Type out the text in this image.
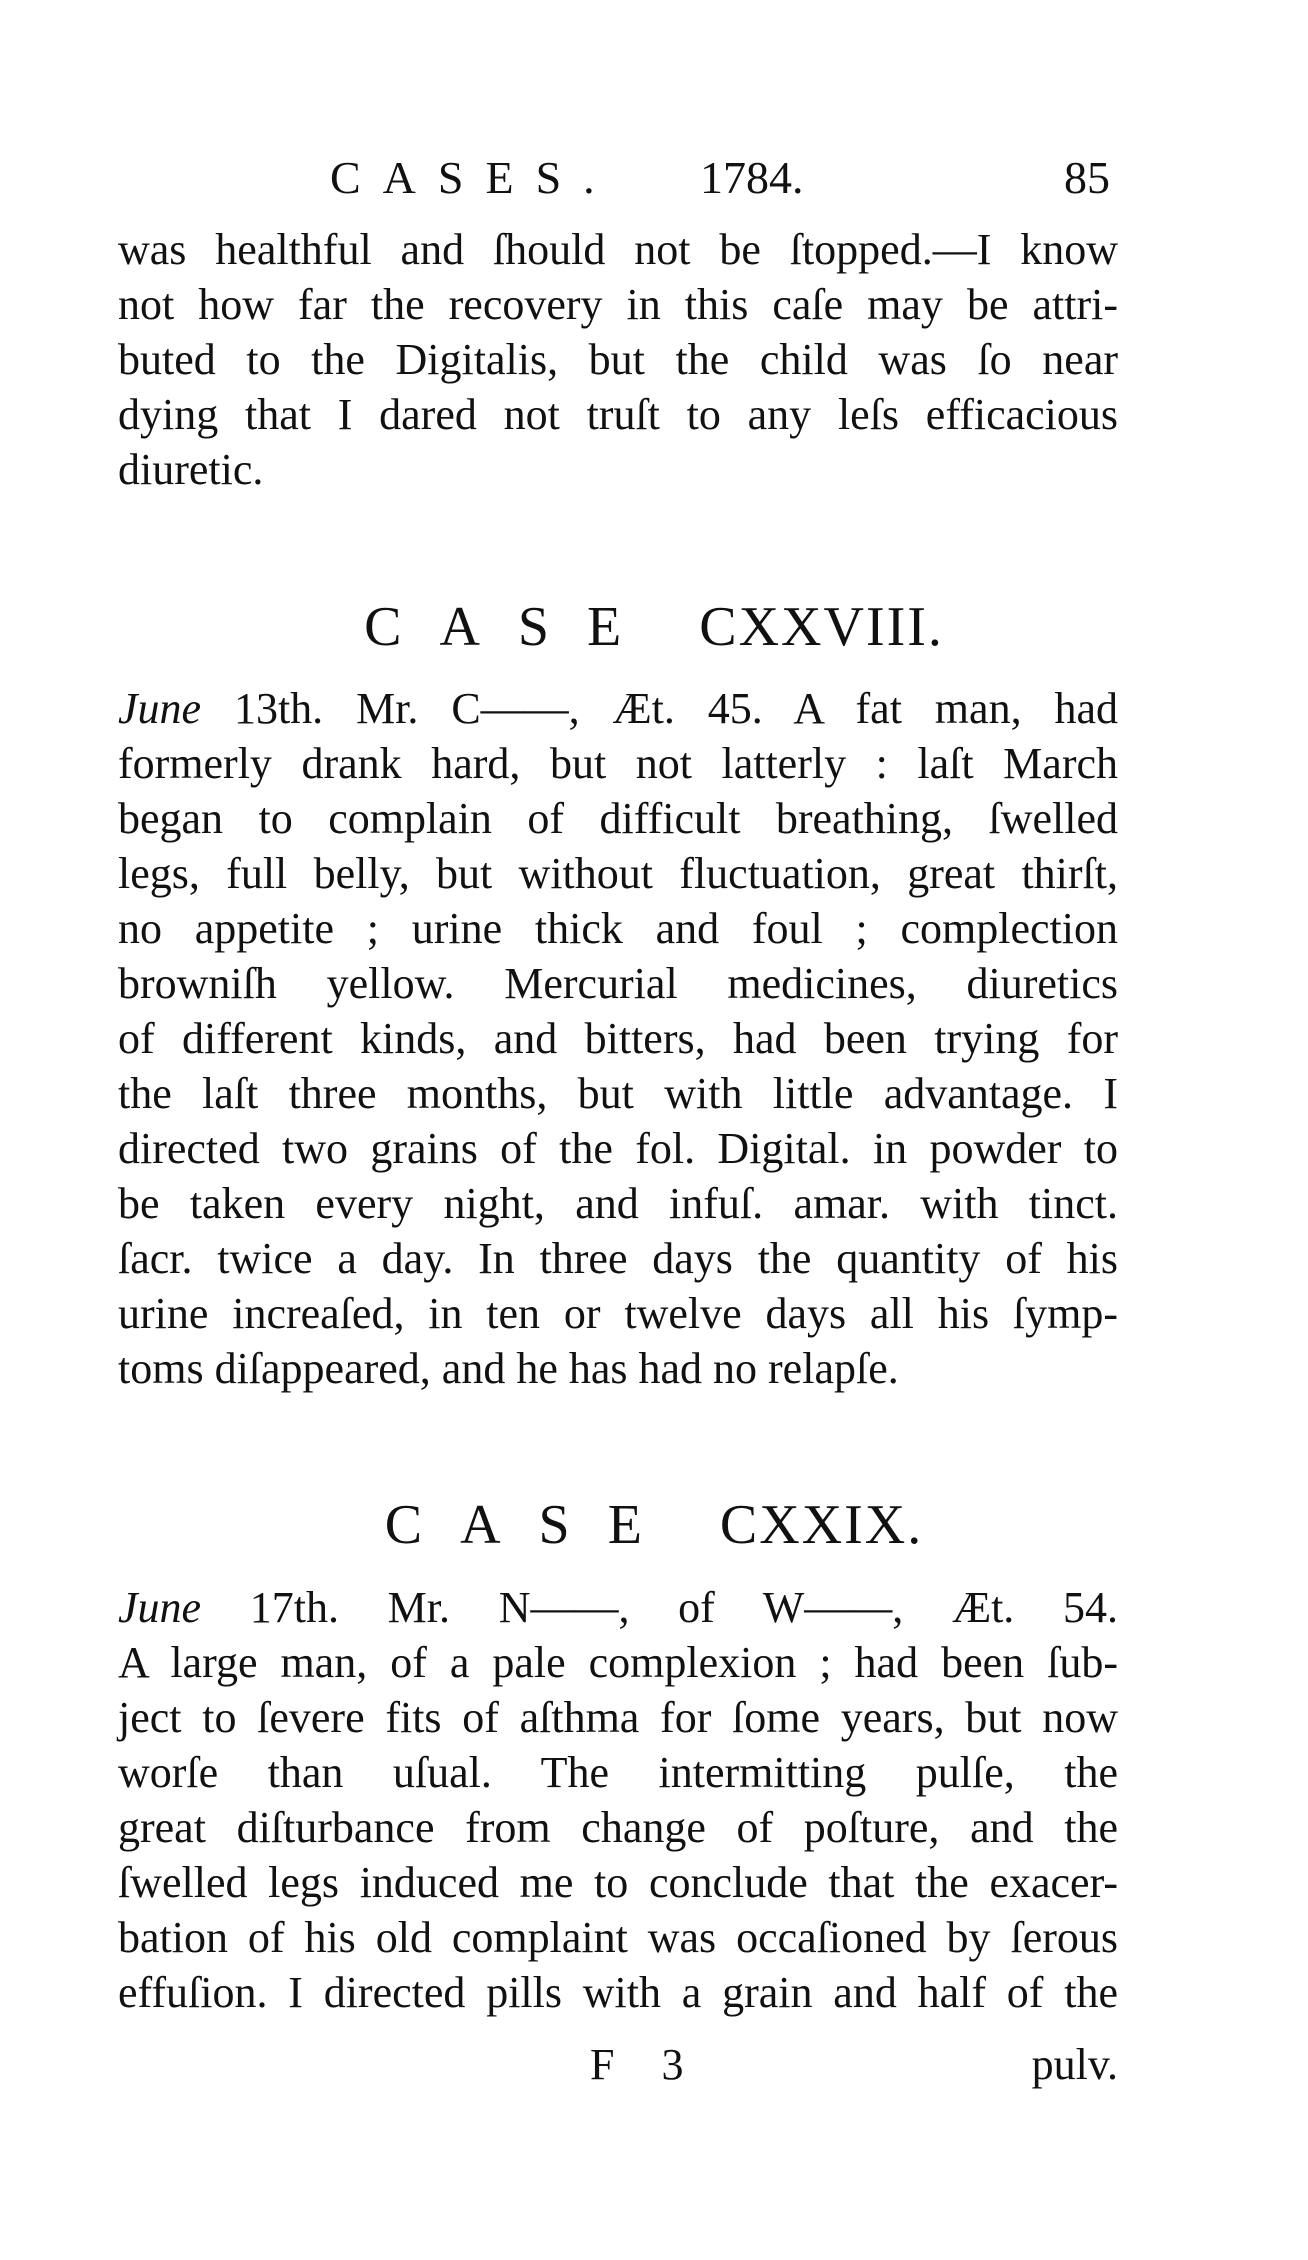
CASES. 1784.	85
was healthful and ſhould not be ſtopped.—I know
not how far the recovery in this caſe may be attri-
buted to the Digitalis, but the child was ſo near
dying that I dared not truſt to any leſs efficacious
diuretic.
CASE CXXVIII.
June 13th. Mr. C——, Æt. 45. A fat man, had
formerly drank hard, but not latterly : laſt March
began to complain of difficult breathing, ſwelled
legs, full belly, but without fluctuation, great thirſt,
no appetite ; urine thick and foul ; complection
browniſh yellow. Mercurial medicines, diuretics
of different kinds, and bitters, had been trying for
the laſt three months, but with little advantage. I
directed two grains of the fol. Digital. in powder to
be taken every night, and infuſ. amar. with tinct.
ſacr. twice a day. In three days the quantity of his
urine increaſed, in ten or twelve days all his ſymp-
toms diſappeared, and he has had no relapſe.
CASE CXXIX.
June 17th. Mr. N——, of W——, Æt. 54.
A large man, of a pale complexion ; had been ſub-
ject to ſevere fits of aſthma for ſome years, but now
worſe than uſual. The intermitting pulſe, the
great diſturbance from change of poſture, and the
ſwelled legs induced me to conclude that the exacer-
bation of his old complaint was occaſioned by ſerous
effuſion. I directed pills with a grain and half of the
F 3	pulv.
